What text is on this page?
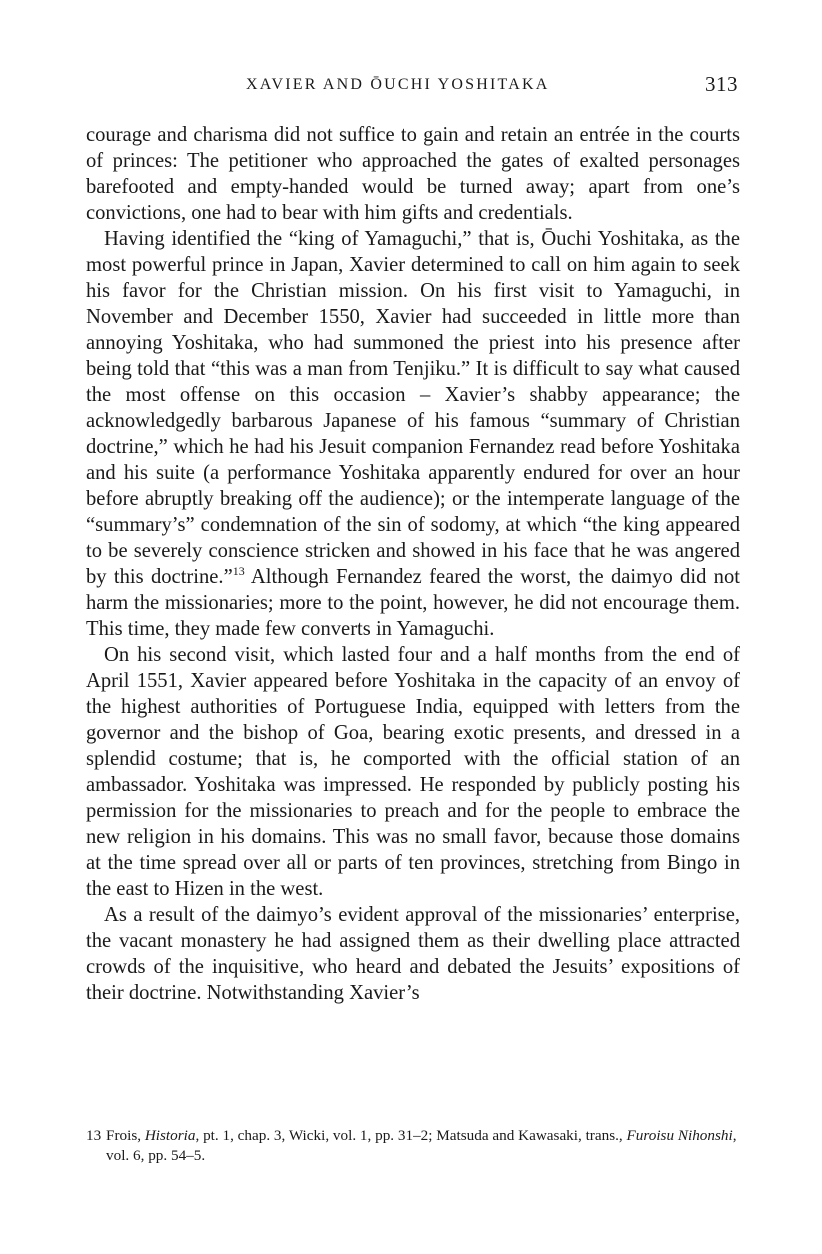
XAVIER AND ŌUCHI YOSHITAKA	313

courage and charisma did not suffice to gain and retain an entrée in the courts of princes: The petitioner who approached the gates of exalted personages barefooted and empty-handed would be turned away; apart from one’s convictions, one had to bear with him gifts and credentials.

Having identified the “king of Yamaguchi,” that is, Ōuchi Yoshitaka, as the most powerful prince in Japan, Xavier determined to call on him again to seek his favor for the Christian mission. On his first visit to Yamaguchi, in November and December 1550, Xavier had succeeded in little more than annoying Yoshitaka, who had summoned the priest into his presence after being told that “this was a man from Tenjiku.” It is difficult to say what caused the most offense on this occasion – Xavier’s shabby appearance; the acknowledgedly barbarous Japanese of his famous “summary of Christian doctrine,” which he had his Jesuit companion Fernandez read before Yoshitaka and his suite (a performance Yoshitaka apparently endured for over an hour before abruptly breaking off the audience); or the intemperate language of the “summary’s” condemnation of the sin of sodomy, at which “the king appeared to be severely conscience stricken and showed in his face that he was angered by this doctrine.”$^{13}$ Although Fernandez feared the worst, the daimyo did not harm the missionaries; more to the point, however, he did not encourage them. This time, they made few converts in Yamaguchi.

On his second visit, which lasted four and a half months from the end of April 1551, Xavier appeared before Yoshitaka in the capacity of an envoy of the highest authorities of Portuguese India, equipped with letters from the governor and the bishop of Goa, bearing exotic presents, and dressed in a splendid costume; that is, he comported with the official station of an ambassador. Yoshitaka was impressed. He responded by publicly posting his permission for the missionaries to preach and for the people to embrace the new religion in his domains. This was no small favor, because those domains at the time spread over all or parts of ten provinces, stretching from Bingo in the east to Hizen in the west.

As a result of the daimyo’s evident approval of the missionaries’ enterprise, the vacant monastery he had assigned them as their dwelling place attracted crowds of the inquisitive, who heard and debated the Jesuits’ expositions of their doctrine. Notwithstanding Xavier’s

13 Frois, Historia, pt. 1, chap. 3, Wicki, vol. 1, pp. 31–2; Matsuda and Kawasaki, trans., Furoisu Nihonshi, vol. 6, pp. 54–5.
